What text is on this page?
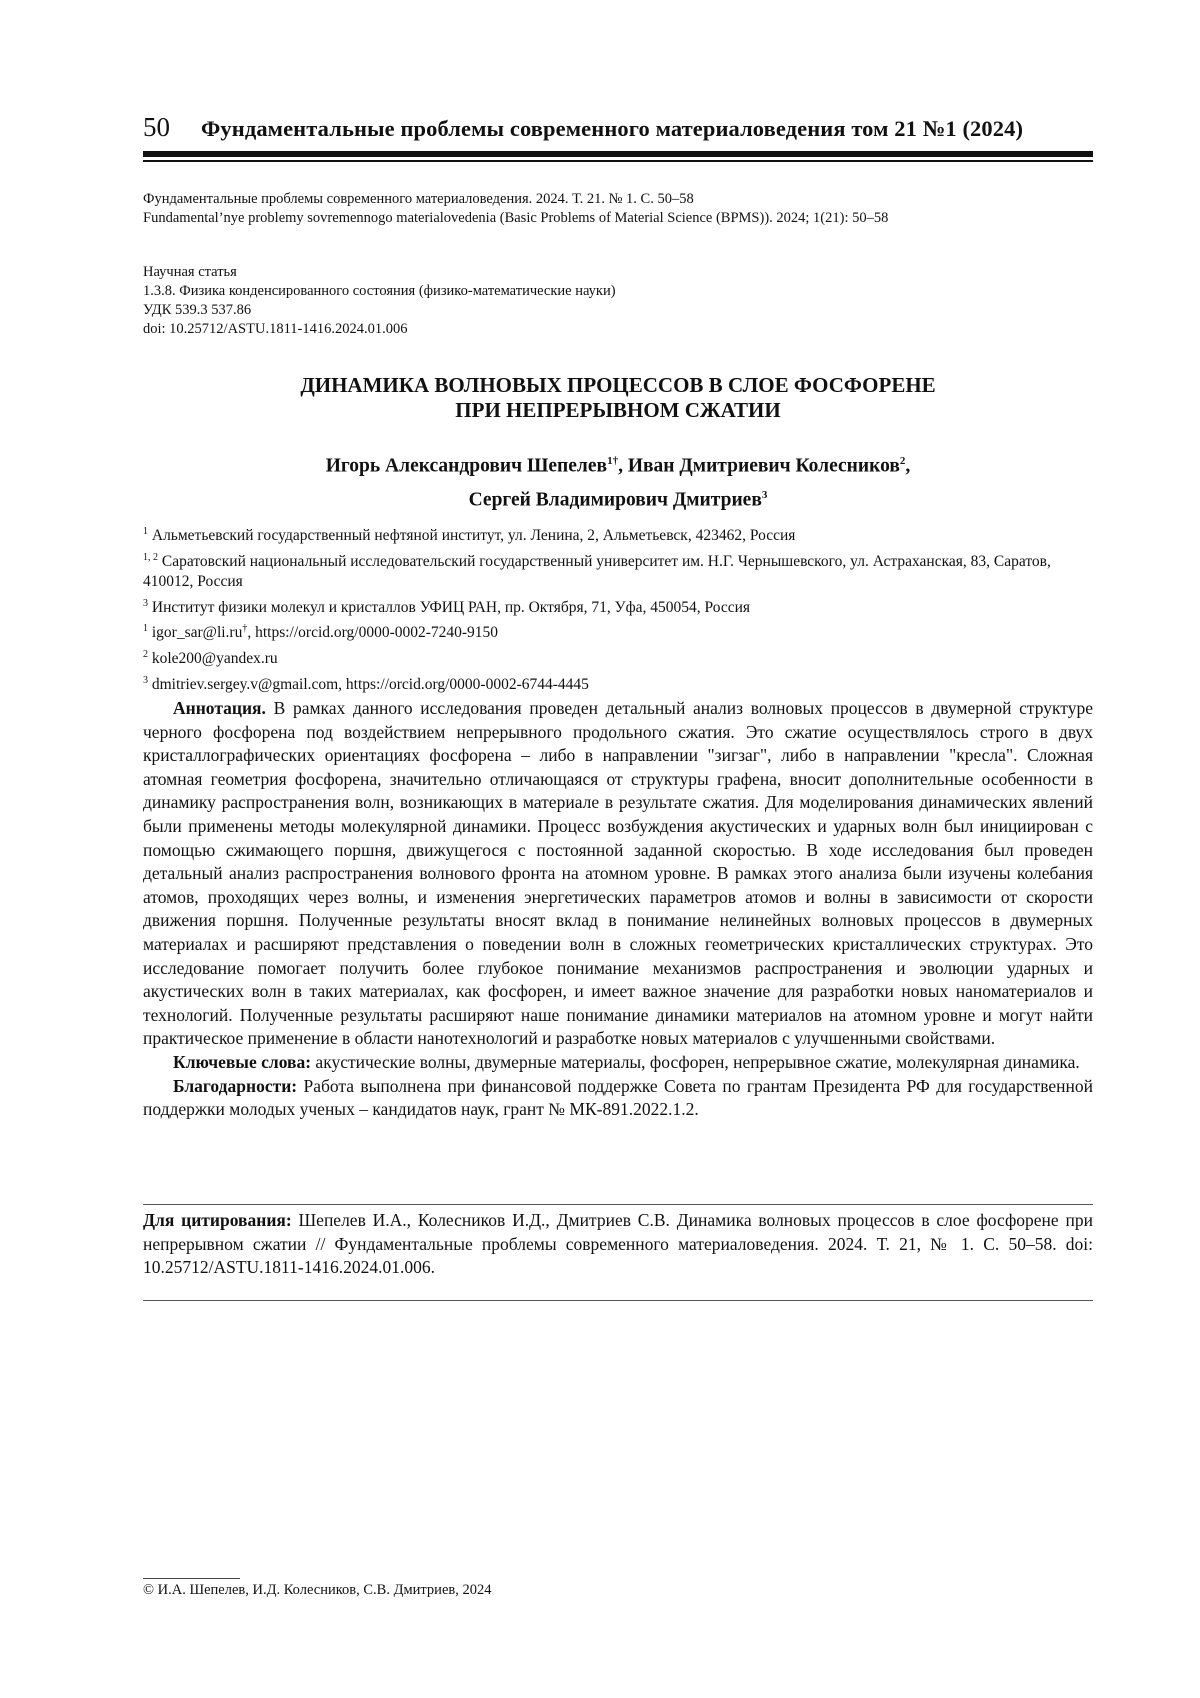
50	Фундаментальные проблемы современного материаловедения том 21 №1 (2024)
Фундаментальные проблемы современного материаловедения. 2024. Т. 21. № 1. С. 50–58
Fundamental’nye problemy sovremennogo materialovedenia (Basic Problems of Material Science (BPMS)). 2024; 1(21): 50–58
Научная статья
1.3.8. Физика конденсированного состояния (физико-математические науки)
УДК 539.3 537.86
doi: 10.25712/ASTU.1811-1416.2024.01.006
ДИНАМИКА ВОЛНОВЫХ ПРОЦЕССОВ В СЛОЕ ФОСФОРЕНЕ
ПРИ НЕПРЕРЫВНОМ СЖАТИИ
Игорь Александрович Шепелев$^{1\dagger}$, Иван Дмитриевич Колесников$^2$,
Сергей Владимирович Дмитриев$^3$
$^1$ Альметьевский государственный нефтяной институт, ул. Ленина, 2, Альметьевск, 423462, Россия
$^{1, 2}$ Саратовский национальный исследовательский государственный университет им. Н.Г. Чернышевского, ул. Астраханская, 83, Саратов, 410012, Россия
$^3$ Институт физики молекул и кристаллов УФИЦ РАН, пр. Октября, 71, Уфа, 450054, Россия
$^1$ igor_sar@li.ru†, https://orcid.org/0000-0002-7240-9150
$^2$ kole200@yandex.ru
$^3$ dmitriev.sergey.v@gmail.com, https://orcid.org/0000-0002-6744-4445
Аннотация. В рамках данного исследования проведен детальный анализ волновых процессов в двумерной структуре черного фосфорена под воздействием непрерывного продольного сжатия. Это сжатие осуществлялось строго в двух кристаллографических ориентациях фосфорена – либо в направлении "зигзаг", либо в направлении "кресла". Сложная атомная геометрия фосфорена, значительно отличающаяся от структуры графена, вносит дополнительные особенности в динамику распространения волн, возникающих в материале в результате сжатия. Для моделирования динамических явлений были применены методы молекулярной динамики. Процесс возбуждения акустических и ударных волн был инициирован с помощью сжимающего поршня, движущегося с постоянной заданной скоростью. В ходе исследования был проведен детальный анализ распространения волнового фронта на атомном уровне. В рамках этого анализа были изучены колебания атомов, проходящих через волны, и изменения энергетических параметров атомов и волны в зависимости от скорости движения поршня. Полученные результаты вносят вклад в понимание нелинейных волновых процессов в двумерных материалах и расширяют представления о поведении волн в сложных геометрических кристаллических структурах. Это исследование помогает получить более глубокое понимание механизмов распространения и эволюции ударных и акустических волн в таких материалах, как фосфорен, и имеет важное значение для разработки новых наноматериалов и технологий. Полученные результаты расширяют наше понимание динамики материалов на атомном уровне и могут найти практическое применение в области нанотехнологий и разработке новых материалов с улучшенными свойствами.
Ключевые слова: акустические волны, двумерные материалы, фосфорен, непрерывное сжатие, молекулярная динамика.
Благодарности: Работа выполнена при финансовой поддержке Совета по грантам Президента РФ для государственной поддержки молодых ученых – кандидатов наук, грант № МК-891.2022.1.2.
Для цитирования: Шепелев И.А., Колесников И.Д., Дмитриев С.В. Динамика волновых процессов в слое фосфорене при непрерывном сжатии // Фундаментальные проблемы современного материаловедения. 2024. Т. 21, № 1. С. 50–58. doi: 10.25712/ASTU.1811-1416.2024.01.006.
© И.А. Шепелев, И.Д. Колесников, С.В. Дмитриев, 2024
